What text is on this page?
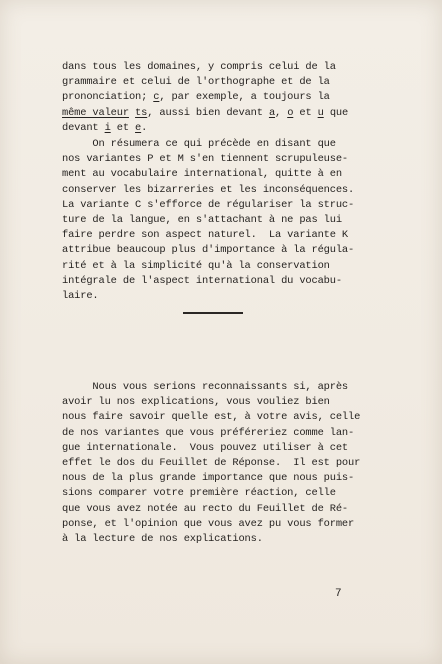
dans tous les domaines, y compris celui de la
grammaire et celui de l'orthographe et de la
prononciation; c, par exemple, a toujours la
même valeur ts, aussi bien devant a, o et u que
devant i et e.
On résumera ce qui précède en disant que
nos variantes P et M s'en tiennent scrupuleuse-
ment au vocabulaire international, quitte à en
conserver les bizarreries et les inconséquences.
La variante C s'efforce de régulariser la struc-
ture de la langue, en s'attachant à ne pas lui
faire perdre son aspect naturel.  La variante K
attribue beaucoup plus d'importance à la régula-
rité et à la simplicité qu'à la conservation
intégrale de l'aspect international du vocabu-
laire.
Nous vous serions reconnaissants si, après
avoir lu nos explications, vous vouliez bien
nous faire savoir quelle est, à votre avis, celle
de nos variantes que vous préféreriez comme lan-
gue internationale.  Vous pouvez utiliser à cet
effet le dos du Feuillet de Réponse.  Il est pour
nous de la plus grande importance que nous puis-
sions comparer votre première réaction, celle
que vous avez notée au recto du Feuillet de Ré-
ponse, et l'opinion que vous avez pu vous former
à la lecture de nos explications.
7
